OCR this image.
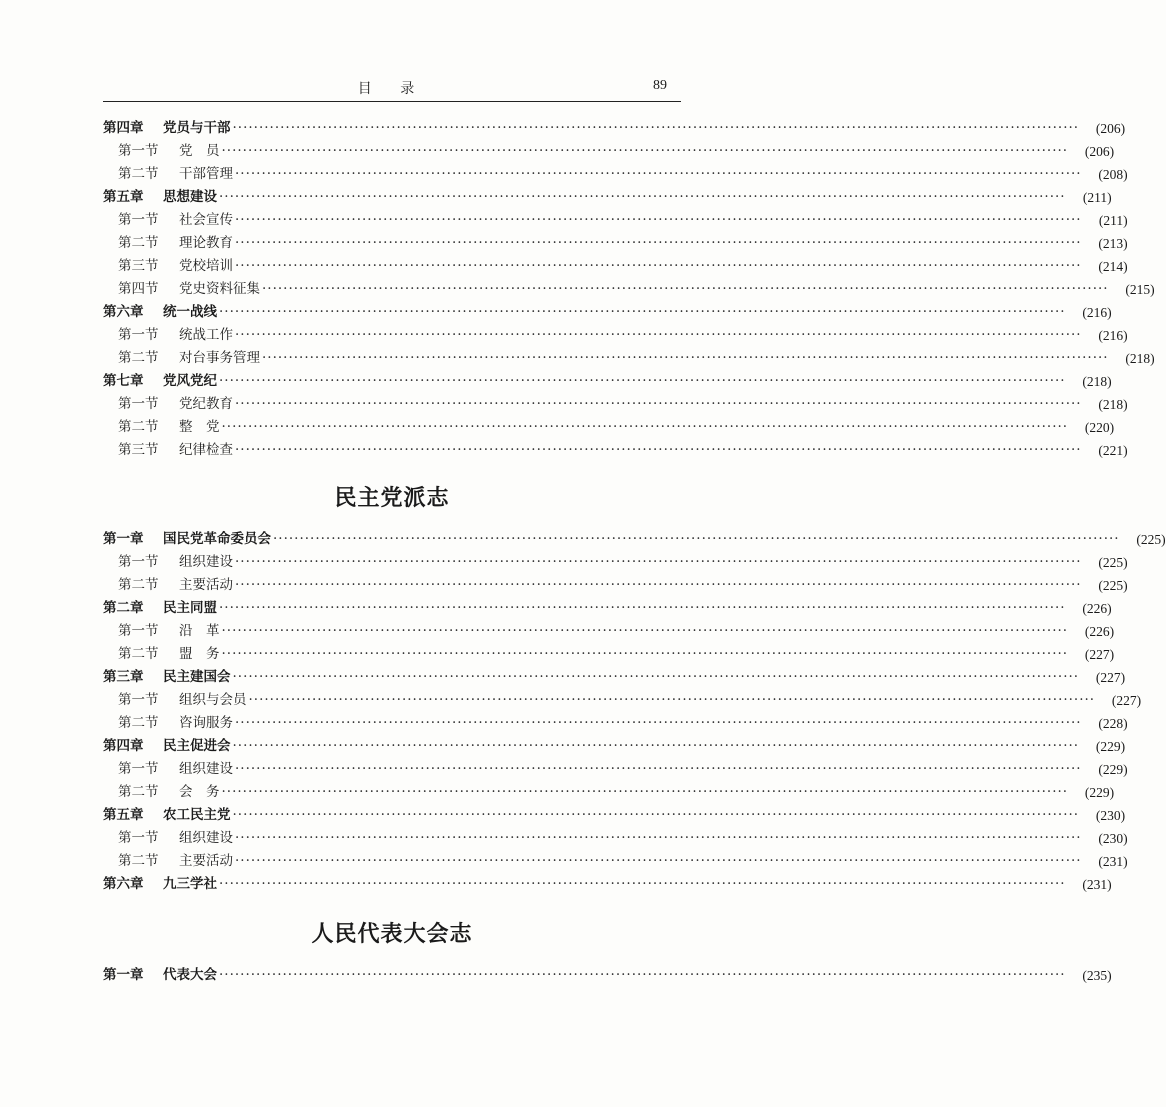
目 录	89
第四章 党员与干部 ································································································································································	(206)
第一节 党　员 ································································································································································	(206)
第二节 干部管理 ································································································································································	(208)
第五章 思想建设 ································································································································································	(211)
第一节 社会宣传 ································································································································································	(211)
第二节 理论教育 ································································································································································	(213)
第三节 党校培训 ································································································································································	(214)
第四节 党史资料征集 ································································································································································	(215)
第六章 统一战线 ································································································································································	(216)
第一节 统战工作 ································································································································································	(216)
第二节 对台事务管理 ································································································································································	(218)
第七章 党风党纪 ································································································································································	(218)
第一节 党纪教育 ································································································································································	(218)
第二节 整　党 ································································································································································	(220)
第三节 纪律检查 ································································································································································	(221)
民主党派志
第一章 国民党革命委员会 ································································································································································	(225)
第一节 组织建设 ································································································································································	(225)
第二节 主要活动 ································································································································································	(225)
第二章 民主同盟 ································································································································································	(226)
第一节 沿　革 ································································································································································	(226)
第二节 盟　务 ································································································································································	(227)
第三章 民主建国会 ································································································································································	(227)
第一节 组织与会员 ································································································································································	(227)
第二节 咨询服务 ································································································································································	(228)
第四章 民主促进会 ································································································································································	(229)
第一节 组织建设 ································································································································································	(229)
第二节 会　务 ································································································································································	(229)
第五章 农工民主党 ································································································································································	(230)
第一节 组织建设 ································································································································································	(230)
第二节 主要活动 ································································································································································	(231)
第六章 九三学社 ································································································································································	(231)
人民代表大会志
第一章 代表大会 ································································································································································	(235)
